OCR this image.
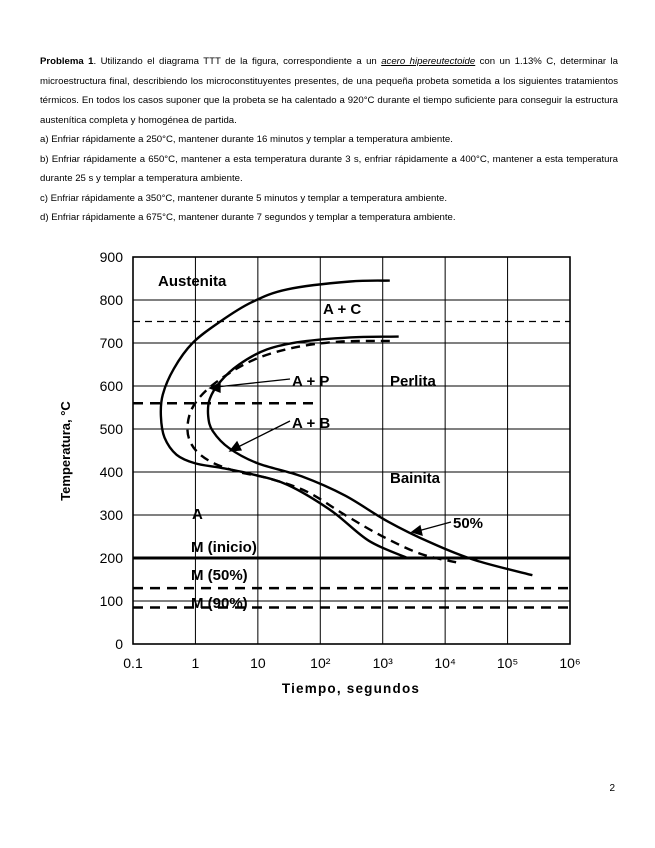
Problema 1. Utilizando el diagrama TTT de la figura, correspondiente a un acero hipereutectoide con un 1.13% C, determinar la microestructura final, describiendo los microconstituyentes presentes, de una pequeña probeta sometida a los siguientes tratamientos térmicos. En todos los casos suponer que la probeta se ha calentado a 920°C durante el tiempo suficiente para conseguir la estructura austenítica completa y homogénea de partida.

a) Enfriar rápidamente a 250°C, mantener durante 16 minutos y templar a temperatura ambiente.

b) Enfriar rápidamente a 650°C, mantener a esta temperatura durante 3 s, enfriar rápidamente a 400°C, mantener a esta temperatura durante 25 s y templar a temperatura ambiente.

c) Enfriar rápidamente a 350°C, mantener durante 5 minutos y templar a temperatura ambiente.

d) Enfriar rápidamente a 675°C, mantener durante 7 segundos y templar a temperatura ambiente.

0.1	1	10	10²	10³	10⁴	10⁵	10⁶
0
100
200
300
400
500
600
700
800
900
Temperatura, °C
Tiempo, segundos
Austenita
A + C
A + P	Perlita
A + B
Bainita
50%
A
M (inicio)
M (50%)
M (90%)
2
